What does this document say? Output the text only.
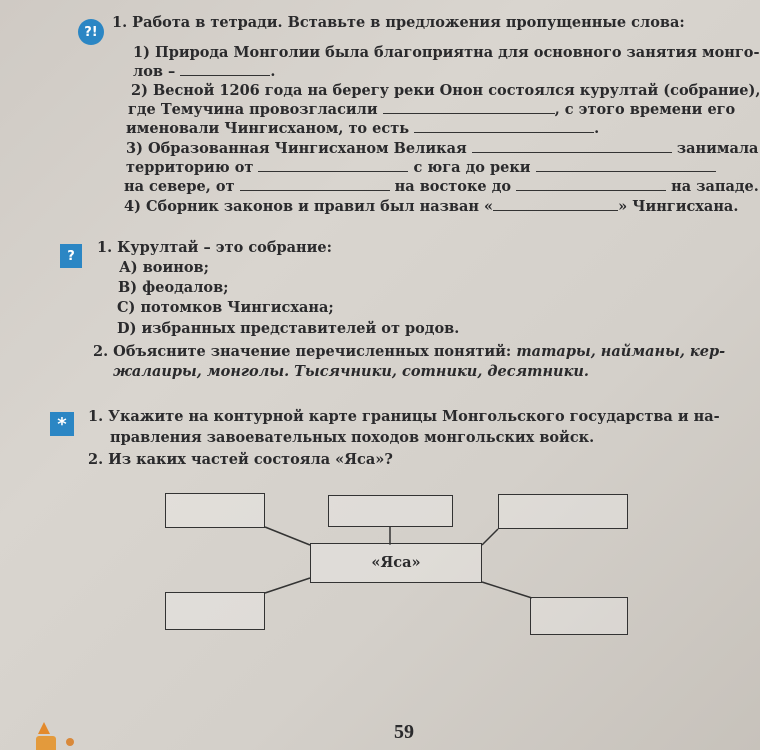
?!
1. Работа в тетради. Вставьте в предложения пропущенные слова:
1) Природа Монголии была благоприятна для основного занятия монго-
лов –	.
2) Весной 1206 года на берегу реки Онон состоялся курултай (собрание),
где Темучина провозгласили	, с этого времени его
именовали Чингисханом, то есть	.
3) Образованная Чингисханом Великая	занимала
территорию от	с юга до реки
на севере, от	на востоке до	на западе.
4) Сборник законов и правил был назван «	» Чингисхана.
?	1. Курултай – это собрание:
А) воинов;
В) феодалов;
С) потомков Чингисхана;
D) избранных представителей от родов.
2. Объясните значение перечисленных понятий: татары, найманы, кер-
жалаиры, монголы. Тысячники, сотники, десятники.
*	1. Укажите на контурной карте границы Монгольского государства и на-
правления завоевательных походов монгольских войск.
2. Из каких частей состояла «Яса»?
«Яса»
59
